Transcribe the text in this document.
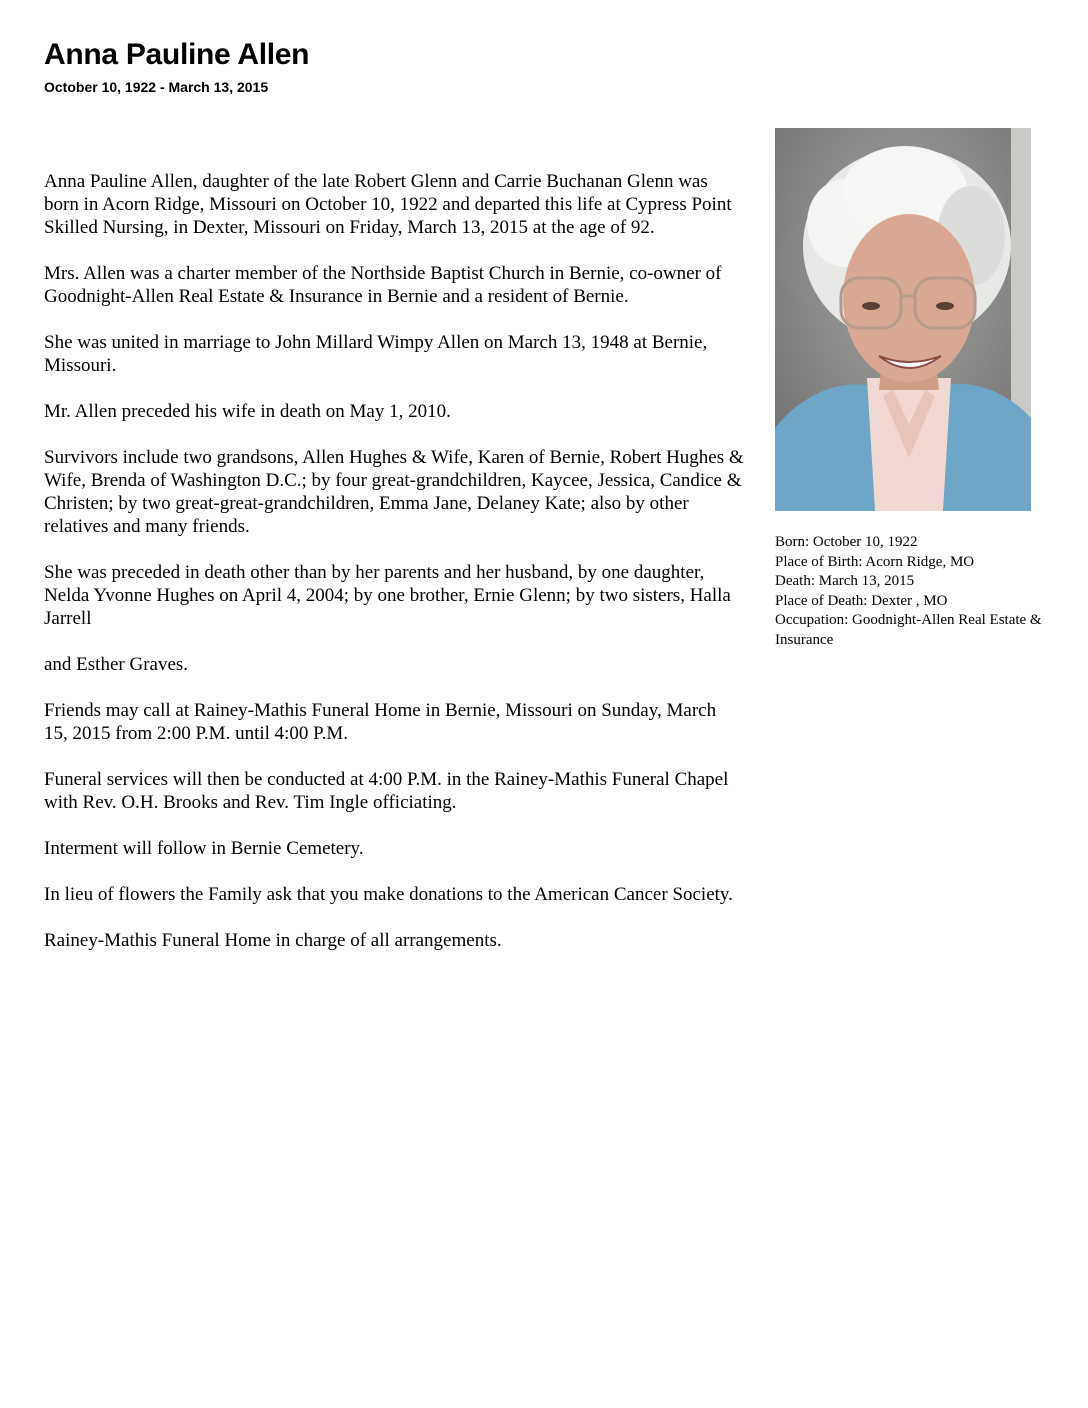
Anna Pauline Allen
October 10, 1922 - March 13, 2015

Anna Pauline Allen, daughter of the late Robert Glenn and Carrie Buchanan Glenn was born in Acorn Ridge, Missouri on October 10, 1922 and departed this life at Cypress Point Skilled Nursing, in Dexter, Missouri on Friday, March 13, 2015 at the age of 92.

Mrs. Allen was a charter member of the Northside Baptist Church in Bernie, co-owner of Goodnight-Allen Real Estate & Insurance in Bernie and a resident of Bernie.

She was united in marriage to John Millard Wimpy Allen on March 13, 1948 at Bernie, Missouri.

Mr. Allen preceded his wife in death on May 1, 2010.

Survivors include two grandsons, Allen Hughes & Wife, Karen of Bernie, Robert Hughes & Wife, Brenda of Washington D.C.; by four great-grandchildren, Kaycee, Jessica, Candice & Christen; by two great-great-grandchildren, Emma Jane, Delaney Kate; also by other relatives and many friends.

She was preceded in death other than by her parents and her husband, by one daughter, Nelda Yvonne Hughes on April 4, 2004; by one brother, Ernie Glenn; by two sisters, Halla Jarrell

and Esther Graves.

Friends may call at Rainey-Mathis Funeral Home in Bernie, Missouri on Sunday, March 15, 2015 from 2:00 P.M. until 4:00 P.M.

Funeral services will then be conducted at 4:00 P.M. in the Rainey-Mathis Funeral Chapel with Rev. O.H. Brooks and Rev. Tim Ingle officiating.

Interment will follow in Bernie Cemetery.

In lieu of flowers the Family ask that you make donations to the American Cancer Society.

Rainey-Mathis Funeral Home in charge of all arrangements.

Born: October 10, 1922
Place of Birth: Acorn Ridge, MO
Death: March 13, 2015
Place of Death: Dexter , MO
Occupation: Goodnight-Allen Real Estate & Insurance
